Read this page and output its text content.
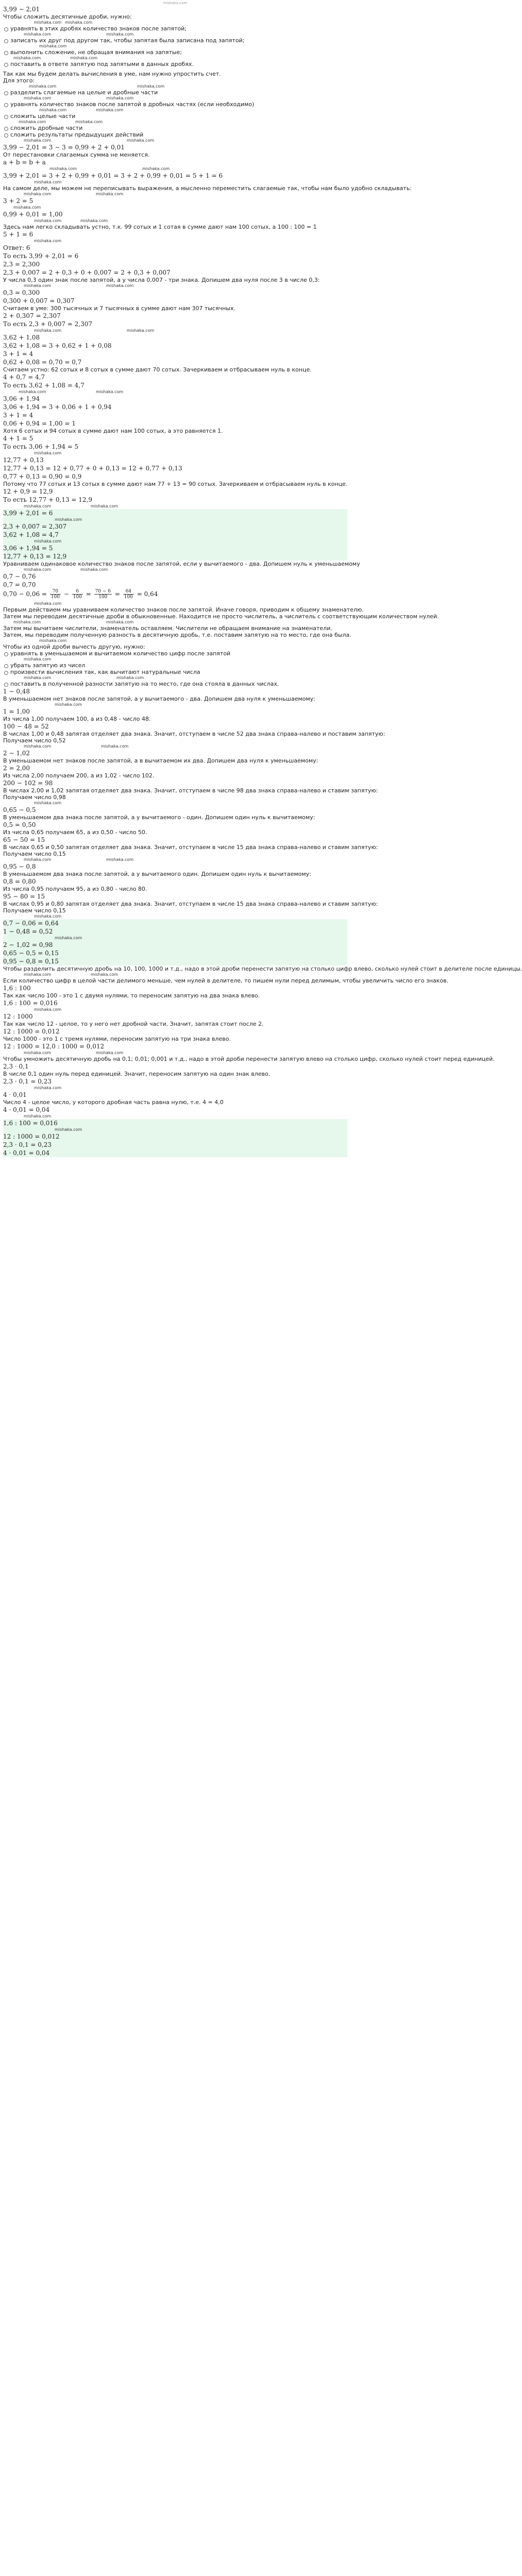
mishaka.com
3,99 − 2,01
Чтобы сложить десятичные дроби, нужно:
mishaka.com mishaka.com
уравнять в этих дробях количество знаков после запятой;
mishaka.com	mishaka.com
записать их друг под другом так, чтобы запятая была записана под запятой;
mishaka.com
выполнить сложение, не обращая внимания на запятые;
mishaka.com	mishaka.com
поставить в ответе запятую под запятыми в данных дробях.
Так как мы будем делать вычисления в уме, нам нужно упростить счет.
Для этого:
mishaka.com	mishaka.com
разделить слагаемые на целые и дробные части
mishaka.com	mishaka.com
уравнять количество знаков после запятой в дробных частях (если необходимо)
mishaka.com	mishaka.com
сложить целые части
mishaka.com	mishaka.com
сложить дробные части
сложить результаты предыдущих действий
mishaka.com	mishaka.com
3,99 − 2,01 = 3 − 3 = 0,99 + 2 + 0,01
От перестановки слагаемых сумма не меняется.
a + b = b + a
mishaka.com	mishaka.com
3,99 + 2,01 = 3 + 2 + 0,99 + 0,01 = 3 + 2 + 0,99 + 0,01 = 5 + 1 = 6
mishaka.com
На самом деле, мы можем не переписывать выражения, а мысленно переместить слагаемые так, чтобы нам было удобно складывать:
mishaka.com	mishaka.com
3 + 2 = 5
mishaka.com
0,99 + 0,01 = 1,00
mishaka.com	mishaka.com
Здесь нам легко складывать устно, т.к. 99 сотых и 1 сотая в сумме дают нам 100 сотых, а 100 : 100 = 1
5 + 1 = 6
mishaka.com
Ответ: 6
То есть 3,99 + 2,01 = 6
2,3 = 2,300
2,3 + 0,007 = 2 + 0,3 + 0 + 0,007 = 2 + 0,3 + 0,007
У числа 0,3 один знак после запятой, а у числа 0,007 - три знака. Допишем два нуля после 3 в числе 0,3:
mishaka.com	mishaka.com
0,3 = 0,300
0,300 + 0,007 = 0,307
Считаем в уме: 300 тысячных и 7 тысячных в сумме дают нам 307 тысячных.
2 + 0,307 = 2,307
То есть 2,3 + 0,007 = 2,307
mishaka.com	mishaka.com
3,62 + 1,08
3,62 + 1,08 = 3 + 0,62 + 1 + 0,08
3 + 1 = 4
0,62 + 0,08 = 0,70 = 0,7
Считаем устно: 62 сотых и 8 сотых в сумме дают 70 сотых. Зачеркиваем и отбрасываем нуль в конце.
4 + 0,7 = 4,7
То есть 3,62 + 1,08 = 4,7
mishaka.com	mishaka.com
3,06 + 1,94
3,06 + 1,94 = 3 + 0,06 + 1 + 0,94
3 + 1 = 4
0,06 + 0,94 = 1,00 = 1
Хотя 6 сотых и 94 сотых в сумме дают нам 100 сотых, а это равняется 1.
4 + 1 = 5
То есть 3,06 + 1,94 = 5
mishaka.com
12,77 + 0,13
12,77 + 0,13 = 12 + 0,77 + 0 + 0,13 = 12 + 0,77 + 0,13
0,77 + 0,13 = 0,90 = 0,9
Потому что 77 сотых и 13 сотых в сумме дают нам 77 + 13 = 90 сотых. Зачеркиваем и отбрасываем нуль в конце.
12 + 0,9 = 12,9
То есть 12,77 + 0,13 = 12,9
mishaka.com	mishaka.com
3,99 + 2,01 = 6
mishaka.com
2,3 + 0,007 = 2,307
3,62 + 1,08 = 4,7
mishaka.com
3,06 + 1,94 = 5
12,77 + 0,13 = 12,9
Уравниваем одинаковое количество знаков после запятой, если у вычитаемого - два. Допишем нуль к уменьшаемому
mishaka.com	mishaka.com
0,7 − 0,76
0,7 = 0,70
$0,70 - 0,06 = \frac{70}{100} - \frac{6}{100} = \frac{70 - 6}{100} = \frac{64}{100} = 0,64$
mishaka.com
Первым действием мы уравниваем количество знаков после запятой. Иначе говоря, приводим к общему знаменателю.
Затем мы переводим десятичные дроби в обыкновенные. Находится не просто числитель, а числитель с соответствующим количеством нулей.
mishaka.com	mishaka.com
Затем мы вычитаем числители, знаменатель оставляем. Числители не обращаем внимание на знаменатели.
Затем, мы переводим полученную разность в десятичную дробь, т.е. поставим запятую на то место, где она была.
mishaka.com
Чтобы из одной дроби вычесть другую, нужно:
уравнять в уменьшаемом и вычитаемом количество цифр после запятой
mishaka.com
убрать запятую из чисел
произвести вычисления так, как вычитают натуральные числа
mishaka.com	mishaka.com
поставить в полученной разности запятую на то место, где она стояла в данных числах.
1 − 0,48
В уменьшаемом нет знаков после запятой, а у вычитаемого - два. Допишем два нуля к уменьшаемому:
mishaka.com
1 = 1,00
Из числа 1,00 получаем 100, а из 0,48 - число 48.
100 − 48 = 52
В числах 1,00 и 0,48 запятая отделяет два знака. Значит, отступаем в числе 52 два знака справа-налево и поставим запятую:
Получаем число 0,52
mishaka.com	mishaka.com
2 − 1,02
В уменьшаемом нет знаков после запятой, а в вычитаемом их два. Допишем два нуля к уменьшаемому:
2 = 2,00
Из числа 2,00 получаем 200, а из 1,02 - число 102.
200 − 102 = 98
В числах 2,00 и 1,02 запятая отделяет два знака. Значит, отступаем в числе 98 два знака справа-налево и ставим запятую:
Получаем число 0,98
mishaka.com
0,65 − 0,5
В уменьшаемом два знака после запятой, а у вычитаемого - один. Допишем один нуль к вычитаемому:
0,5 = 0,50
Из числа 0,65 получаем 65, а из 0,50 - число 50.
65 − 50 = 15
В числах 0,65 и 0,50 запятая отделяет два знака. Значит, отступаем в числе 15 два знака справа-налево и ставим запятую:
Получаем число 0,15
mishaka.com	mishaka.com
0,95 − 0,8
В уменьшаемом два знака после запятой, а у вычитаемого один. Допишем один нуль к вычитаемому:
0,8 = 0,80
Из числа 0,95 получаем 95, а из 0,80 - число 80.
95 − 80 = 15
В числах 0,95 и 0,80 запятая отделяет два знака. Значит, отступаем в числе 15 два знака справа-налево и ставим запятую:
Получаем число 0,15
mishaka.com
0,7 − 0,06 = 0,64
1 − 0,48 = 0,52
mishaka.com
2 − 1,02 = 0,98
0,65 − 0,5 = 0,15
0,95 − 0,8 = 0,15
Чтобы разделить десятичную дробь на 10, 100, 1000 и т.д., надо в этой дроби перенести запятую на столько цифр влево, сколько нулей стоит в делителе после единицы.
mishaka.com	mishaka.com
Если количество цифр в целой части делимого меньше, чем нулей в делителе, то пишем нули перед делимым, чтобы увеличить число его знаков.
1,6 : 100
Так как число 100 - это 1 с двумя нулями, то переносим запятую на два знака влево.
1,6 : 100 = 0,016
mishaka.com
12 : 1000
Так как число 12 - целое, то у него нет дробной части. Значит, запятая стоит после 2.
12 : 1000 = 0,012
Число 1000 - это 1 с тремя нулями, переносим запятую на три знака влево.
12 : 1000 = 12,0 : 1000 = 0,012
mishaka.com	mishaka.com
Чтобы умножить десятичную дробь на 0,1; 0,01; 0,001 и т.д., надо в этой дроби перенести запятую влево на столько цифр, сколько нулей стоит перед единицей.
2,3 · 0,1
В числе 0,1 один нуль перед единицей. Значит, переносим запятую на один знак влево.
2,3 · 0,1 = 0,23
mishaka.com
4 · 0,01
Число 4 - целое число, у которого дробная часть равна нулю, т.е. 4 = 4,0
4 · 0,01 = 0,04
mishaka.com
1,6 : 100 = 0,016
mishaka.com
12 : 1000 = 0,012
2,3 · 0,1 = 0,23
4 · 0,01 = 0,04
